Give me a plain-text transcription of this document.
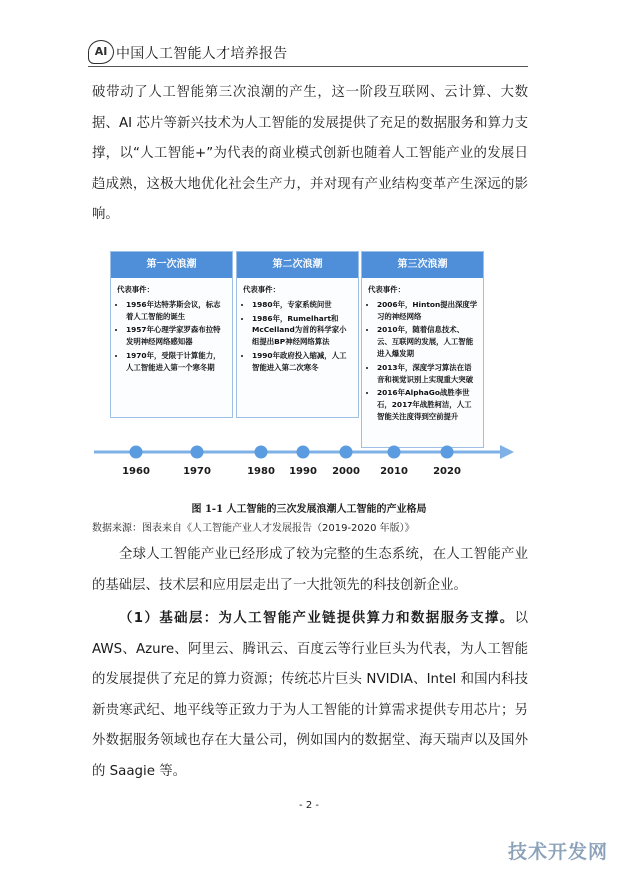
AI 中国人工智能人才培养报告

破带动了人工智能第三次浪潮的产生，这一阶段互联网、云计算、大数据、AI 芯片等新兴技术为人工智能的发展提供了充足的数据服务和算力支撑，以“人工智能+”为代表的商业模式创新也随着人工智能产业的发展日趋成熟，这极大地优化社会生产力，并对现有产业结构变革产生深远的影响。

第一次浪潮
代表事件：
• 1956年达特茅斯会议，标志着人工智能的诞生
• 1957年心理学家罗森布拉特发明神经网络感知器
• 1970年，受限于计算能力，人工智能进入第一个寒冬期
第二次浪潮
代表事件：
• 1980年，专家系统问世
• 1986年，Rumelhart和McCelland为首的科学家小组提出BP神经网络算法
• 1990年政府投入缩减，人工智能进入第二次寒冬
第三次浪潮
代表事件：
• 2006年，Hinton提出深度学习的神经网络
• 2010年，随着信息技术、云、互联网的发展，人工智能进入爆发期
• 2013年，深度学习算法在语音和视觉识别上实现重大突破
• 2016年AlphaGo战胜李世石，2017年战胜柯洁，人工智能关注度得到空前提升
1960	1970	1980 1990 2000 2010	2020
图 1-1 人工智能的三次发展浪潮人工智能的产业格局
数据来源：图表来自《人工智能产业人才发展报告（2019-2020 年版）》

全球人工智能产业已经形成了较为完整的生态系统，在人工智能产业的基础层、技术层和应用层走出了一大批领先的科技创新企业。

（1）基础层：为人工智能产业链提供算力和数据服务支撑。以 AWS、Azure、阿里云、腾讯云、百度云等行业巨头为代表，为人工智能的发展提供了充足的算力资源；传统芯片巨头 NVIDIA、Intel 和国内科技新贵寒武纪、地平线等正致力于为人工智能的计算需求提供专用芯片；另外数据服务领域也存在大量公司，例如国内的数据堂、海天瑞声以及国外的 Saagie 等。

- 2 -
技术开发网
